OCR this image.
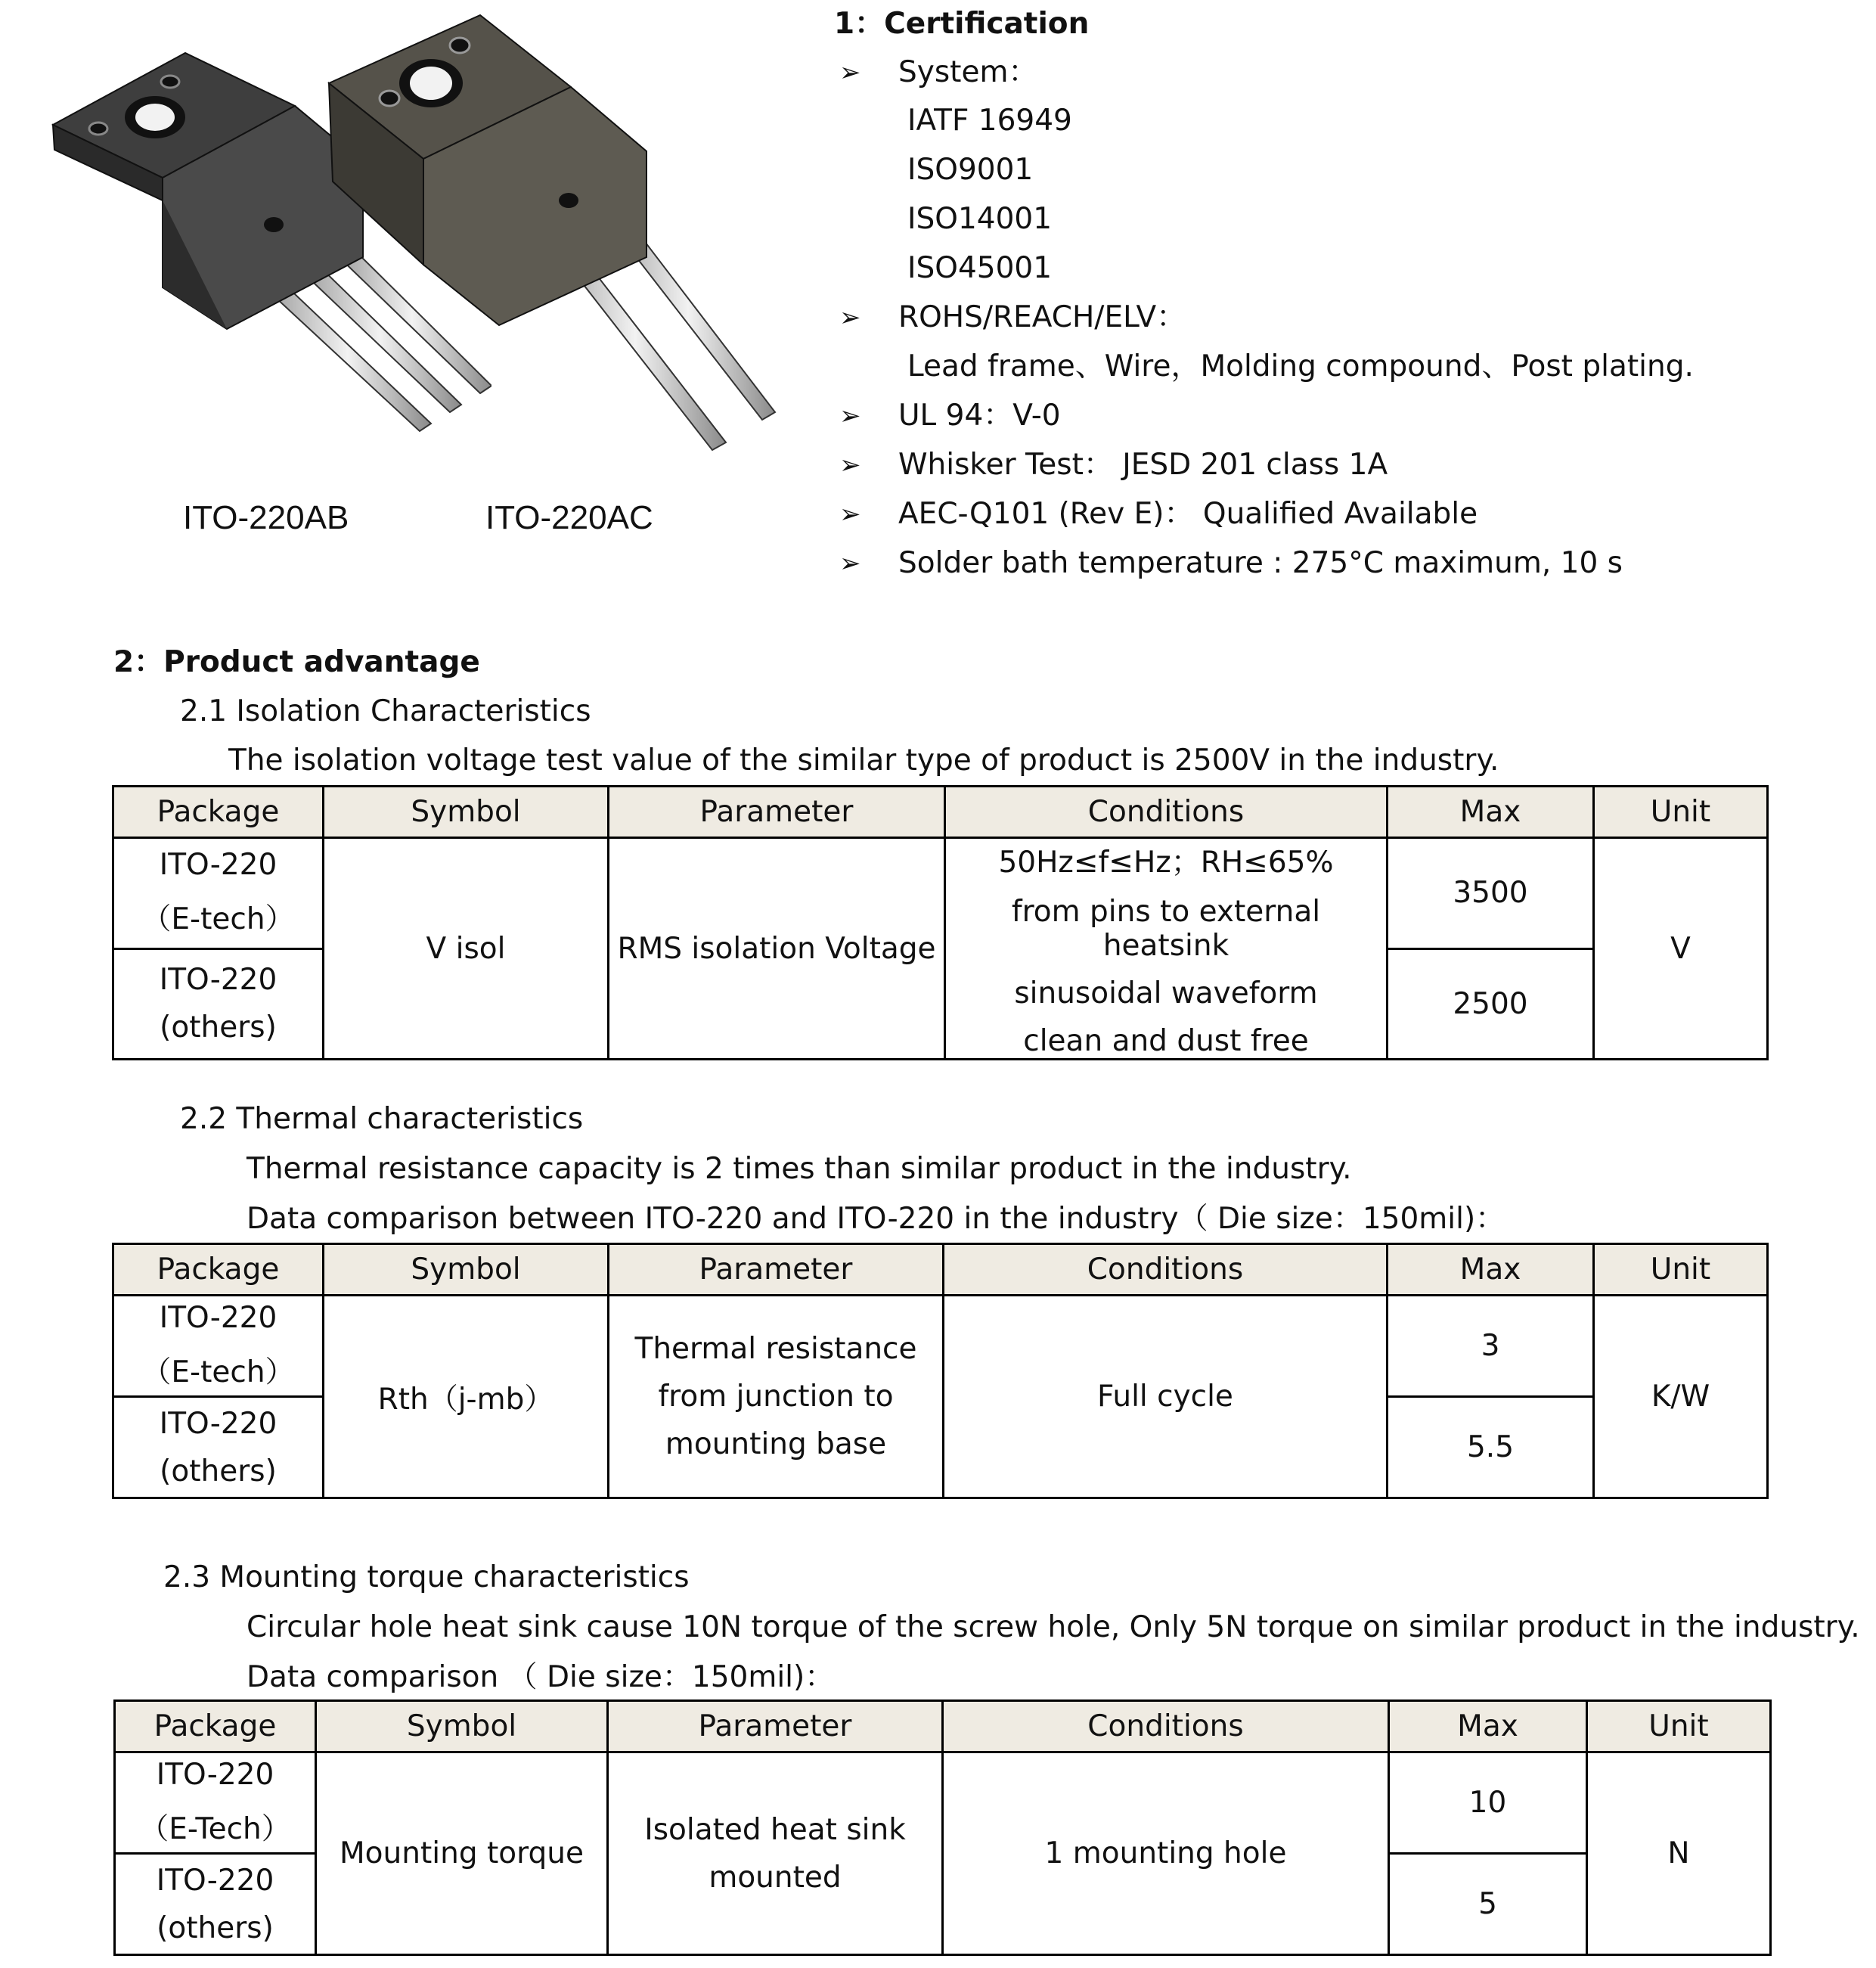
ITO-220AB	ITO-220AC
1：Certification
➢ System：
IATF 16949
ISO9001
ISO14001
ISO45001
➢ ROHS/REACH/ELV：
Lead frame、Wire，Molding compound、Post plating.
➢ UL 94：V-0
➢ Whisker Test： JESD 201 class 1A
➢ AEC-Q101 (Rev E)： Qualified Available
➢ Solder bath temperature : 275°C maximum, 10 s
2：Product advantage
2.1 Isolation Characteristics
The isolation voltage test value of the similar type of product is 2500V in the industry.
Package	Symbol	Parameter	Conditions	Max	Unit

ITO-220
（E-tech）	V isol	RMS isolation Voltage	50Hz≤f≤Hz；RH≤65%
from pins to external heatsink
sinusoidal waveform
clean and dust free	3500	V

ITO-220
(others)				2500	
2.2 Thermal characteristics
Thermal resistance capacity is 2 times than similar product in the industry.
Data comparison between ITO-220 and ITO-220 in the industry（ Die size：150mil)：
Package	Symbol	Parameter	Conditions	Max	Unit

ITO-220
（E-tech）	Rth（j-mb）	Thermal resistance
from junction to
mounting base	Full cycle	3	K/W

ITO-220
(others)				5.5	
2.3 Mounting torque characteristics
Circular hole heat sink cause 10N torque of the screw hole, Only 5N torque on similar product in the industry.
Data comparison （ Die size：150mil)：
Package	Symbol	Parameter	Conditions	Max	Unit

ITO-220
（E-Tech）	Mounting torque	Isolated heat sink
mounted	1 mounting hole	10	N

ITO-220
(others)				5	
